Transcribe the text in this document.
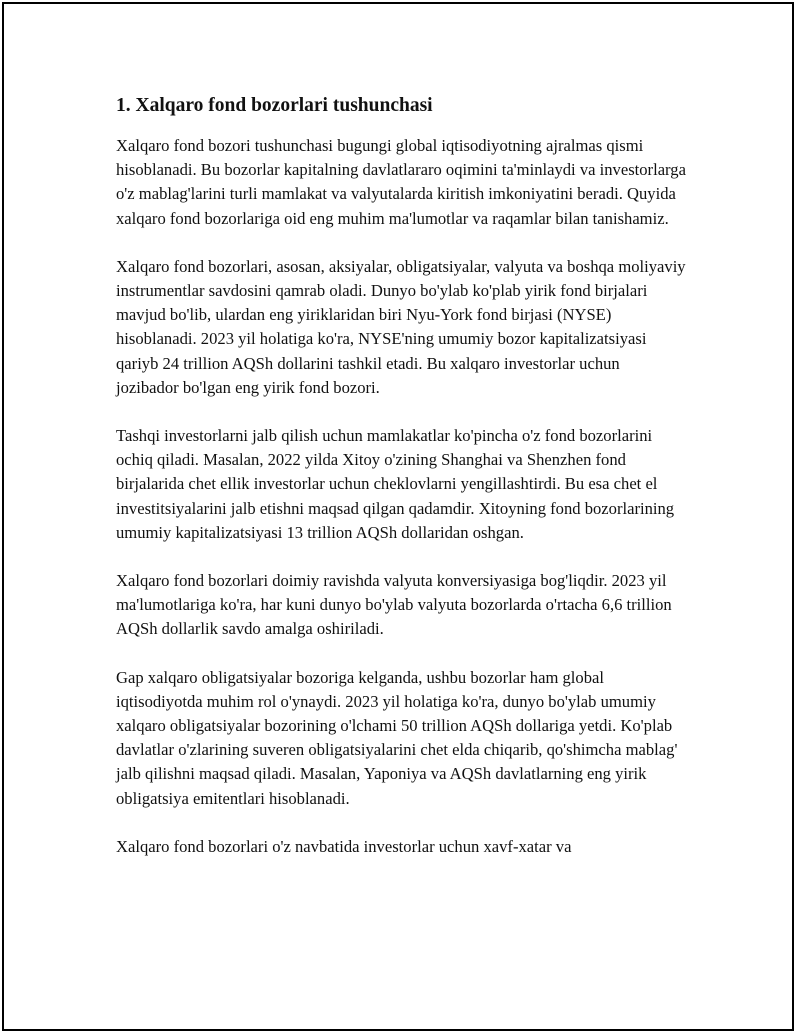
1. Xalqaro fond bozorlari tushunchasi

Xalqaro fond bozori tushunchasi bugungi global iqtisodiyotning ajralmas qismi hisoblanadi. Bu bozorlar kapitalning davlatlararo oqimini ta'minlaydi va investorlarga o'z mablag'larini turli mamlakat va valyutalarda kiritish imkoniyatini beradi. Quyida xalqaro fond bozorlariga oid eng muhim ma'lumotlar va raqamlar bilan tanishamiz.

Xalqaro fond bozorlari, asosan, aksiyalar, obligatsiyalar, valyuta va boshqa moliyaviy instrumentlar savdosini qamrab oladi. Dunyo bo'ylab ko'plab yirik fond birjalari mavjud bo'lib, ulardan eng yiriklaridan biri Nyu-York fond birjasi (NYSE) hisoblanadi. 2023 yil holatiga ko'ra, NYSE'ning umumiy bozor kapitalizatsiyasi qariyb 24 trillion AQSh dollarini tashkil etadi. Bu xalqaro investorlar uchun jozibador bo'lgan eng yirik fond bozori.

Tashqi investorlarni jalb qilish uchun mamlakatlar ko'pincha o'z fond bozorlarini ochiq qiladi. Masalan, 2022 yilda Xitoy o'zining Shanghai va Shenzhen fond birjalarida chet ellik investorlar uchun cheklovlarni yengillashtirdi. Bu esa chet el investitsiyalarini jalb etishni maqsad qilgan qadamdir. Xitoyning fond bozorlarining umumiy kapitalizatsiyasi 13 trillion AQSh dollaridan oshgan.

Xalqaro fond bozorlari doimiy ravishda valyuta konversiyasiga bog'liqdir. 2023 yil ma'lumotlariga ko'ra, har kuni dunyo bo'ylab valyuta bozorlarda o'rtacha 6,6 trillion AQSh dollarlik savdo amalga oshiriladi.

Gap xalqaro obligatsiyalar bozoriga kelganda, ushbu bozorlar ham global iqtisodiyotda muhim rol o'ynaydi. 2023 yil holatiga ko'ra, dunyo bo'ylab umumiy xalqaro obligatsiyalar bozorining o'lchami 50 trillion AQSh dollariga yetdi. Ko'plab davlatlar o'zlarining suveren obligatsiyalarini chet elda chiqarib, qo'shimcha mablag' jalb qilishni maqsad qiladi. Masalan, Yaponiya va AQSh davlatlarning eng yirik obligatsiya emitentlari hisoblanadi.

Xalqaro fond bozorlari o'z navbatida investorlar uchun xavf-xatar va
